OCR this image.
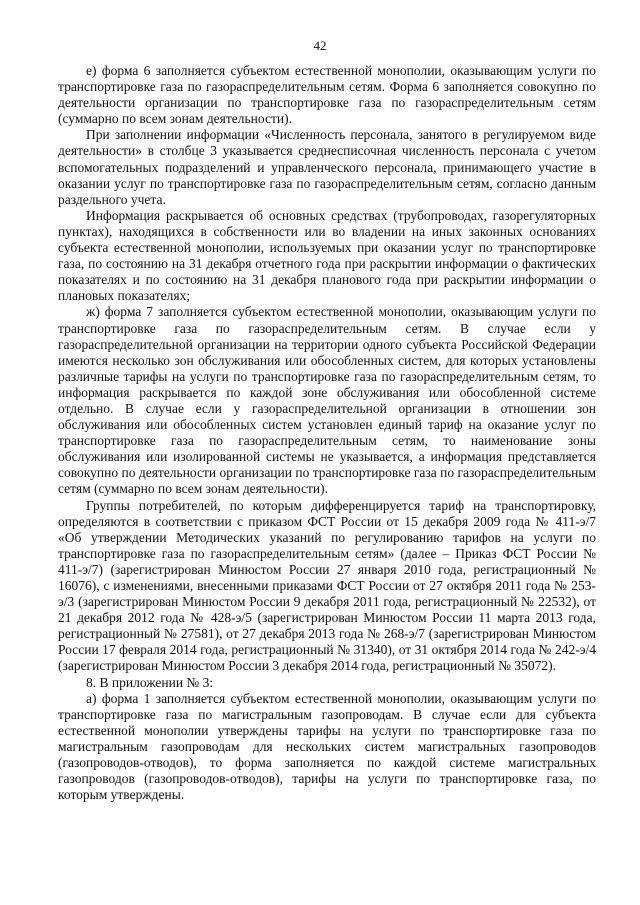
42

е) форма 6 заполняется субъектом естественной монополии, оказывающим услуги по транспортировке газа по газораспределительным сетям. Форма 6 заполняется совокупно по деятельности организации по транспортировке газа по газораспределительным сетям (суммарно по всем зонам деятельности).

При заполнении информации «Численность персонала, занятого в регулируемом виде деятельности» в столбце 3 указывается среднесписочная численность персонала с учетом вспомогательных подразделений и управленческого персонала, принимающего участие в оказании услуг по транспортировке газа по газораспределительным сетям, согласно данным раздельного учета.

Информация раскрывается об основных средствах (трубопроводах, газорегуляторных пунктах), находящихся в собственности или во владении на иных законных основаниях субъекта естественной монополии, используемых при оказании услуг по транспортировке газа, по состоянию на 31 декабря отчетного года при раскрытии информации о фактических показателях и по состоянию на 31 декабря планового года при раскрытии информации о плановых показателях;

ж) форма 7 заполняется субъектом естественной монополии, оказывающим услуги по транспортировке газа по газораспределительным сетям. В случае если у газораспределительной организации на территории одного субъекта Российской Федерации имеются несколько зон обслуживания или обособленных систем, для которых установлены различные тарифы на услуги по транспортировке газа по газораспределительным сетям, то информация раскрывается по каждой зоне обслуживания или обособленной системе отдельно. В случае если у газораспределительной организации в отношении зон обслуживания или обособленных систем установлен единый тариф на оказание услуг по транспортировке газа по газораспределительным сетям, то наименование зоны обслуживания или изолированной системы не указывается, а информация представляется совокупно по деятельности организации по транспортировке газа по газораспределительным сетям (суммарно по всем зонам деятельности).

Группы потребителей, по которым дифференцируется тариф на транспортировку, определяются в соответствии с приказом ФСТ России от 15 декабря 2009 года № 411-э/7 «Об утверждении Методических указаний по регулированию тарифов на услуги по транспортировке газа по газораспределительным сетям» (далее – Приказ ФСТ России № 411-э/7) (зарегистрирован Минюстом России 27 января 2010 года, регистрационный № 16076), с изменениями, внесенными приказами ФСТ России от 27 октября 2011 года № 253-э/3 (зарегистрирован Минюстом России 9 декабря 2011 года, регистрационный № 22532), от 21 декабря 2012 года № 428-э/5 (зарегистрирован Минюстом России 11 марта 2013 года, регистрационный № 27581), от 27 декабря 2013 года № 268-э/7 (зарегистрирован Минюстом России 17 февраля 2014 года, регистрационный № 31340), от 31 октября 2014 года № 242-э/4 (зарегистрирован Минюстом России 3 декабря 2014 года, регистрационный № 35072).

8. В приложении № 3:

а) форма 1 заполняется субъектом естественной монополии, оказывающим услуги по транспортировке газа по магистральным газопроводам. В случае если для субъекта естественной монополии утверждены тарифы на услуги по транспортировке газа по магистральным газопроводам для нескольких систем магистральных газопроводов (газопроводов-отводов), то форма заполняется по каждой системе магистральных газопроводов (газопроводов-отводов), тарифы на услуги по транспортировке газа, по которым утверждены.
